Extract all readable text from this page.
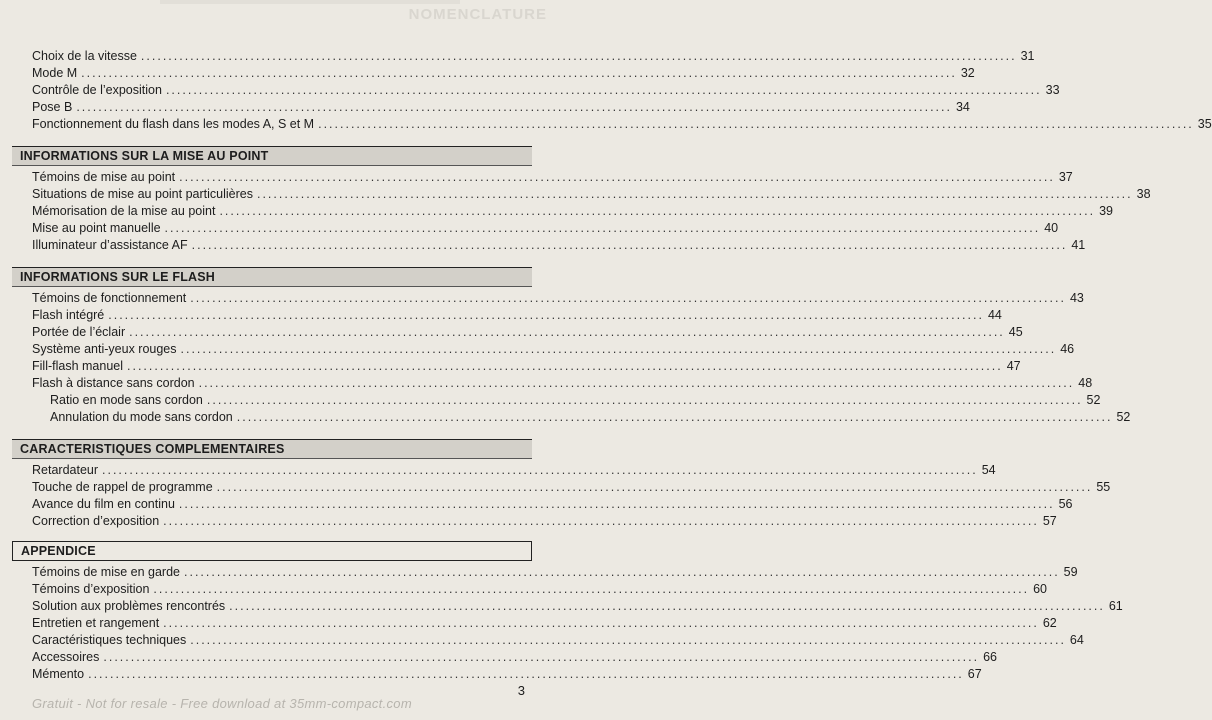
NOMENCLATURE
Choix de la vitesse ................................................................................................................................................................ 31
Mode M ................................................................................................................................................................ 32
Contrôle de l’exposition ................................................................................................................................................................ 33
Pose B ................................................................................................................................................................ 34
Fonctionnement du flash dans les modes A, S et M ................................................................................................................................................................ 35
INFORMATIONS SUR LA MISE AU POINT
Témoins de mise au point ................................................................................................................................................................ 37
Situations de mise au point particulières ................................................................................................................................................................ 38
Mémorisation de la mise au point ................................................................................................................................................................ 39
Mise au point manuelle ................................................................................................................................................................ 40
Illuminateur d’assistance AF ................................................................................................................................................................ 41
INFORMATIONS SUR LE FLASH
Témoins de fonctionnement ................................................................................................................................................................ 43
Flash intégré ................................................................................................................................................................ 44
Portée de l’éclair ................................................................................................................................................................ 45
Système anti-yeux rouges ................................................................................................................................................................ 46
Fill-flash manuel ................................................................................................................................................................ 47
Flash à distance sans cordon ................................................................................................................................................................ 48
Ratio en mode sans cordon ................................................................................................................................................................ 52
Annulation du mode sans cordon ................................................................................................................................................................ 52
CARACTERISTIQUES COMPLEMENTAIRES
Retardateur ................................................................................................................................................................ 54
Touche de rappel de programme ................................................................................................................................................................ 55
Avance du film en continu ................................................................................................................................................................ 56
Correction d’exposition ................................................................................................................................................................ 57
APPENDICE
Témoins de mise en garde ................................................................................................................................................................ 59
Témoins d’exposition ................................................................................................................................................................ 60
Solution aux problèmes rencontrés ................................................................................................................................................................ 61
Entretien et rangement ................................................................................................................................................................ 62
Caractéristiques techniques ................................................................................................................................................................ 64
Accessoires ................................................................................................................................................................ 66
Mémento ................................................................................................................................................................ 67
3
Gratuit - Not for resale - Free download at 35mm-compact.com
